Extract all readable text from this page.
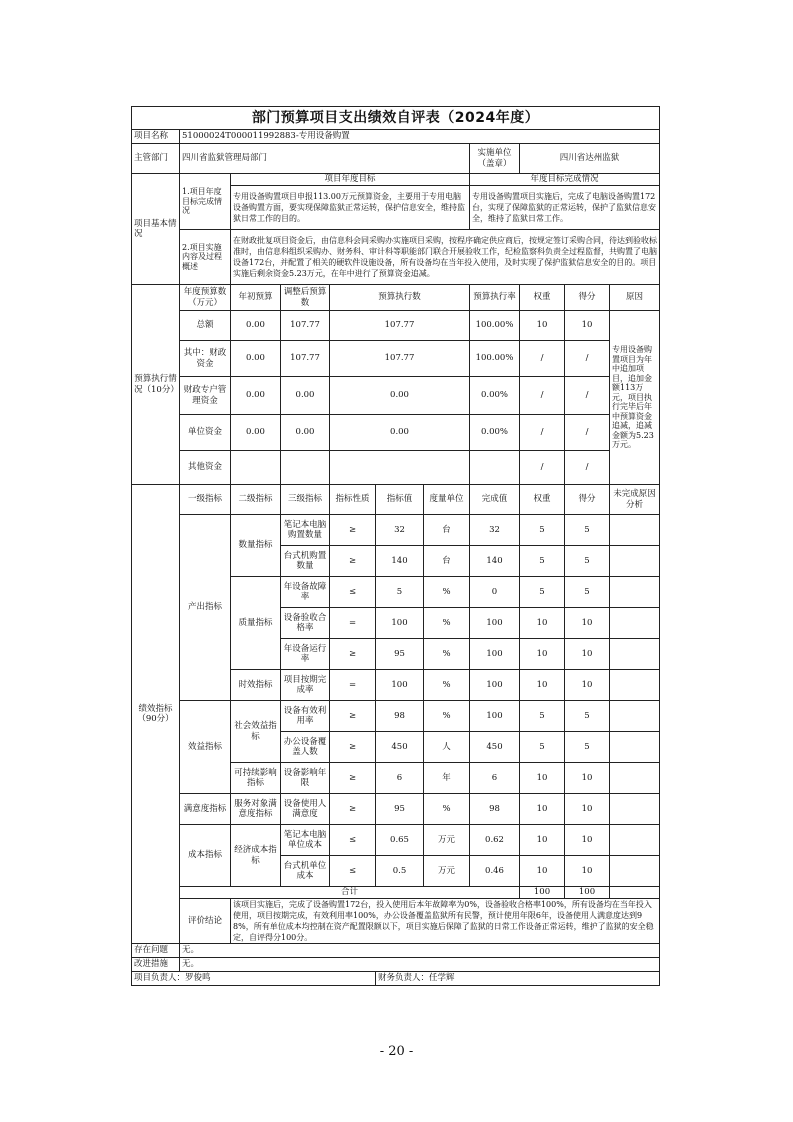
部门预算项目支出绩效自评表（2024年度）										
项目名称	51000024T000011992883-专用设备购置									
主管部门	四川省监狱管理局部门						实施单位（盖章）	四川省达州监狱		
项目基本情况	1.项目年度目标完成情况	项目年度目标					年度目标完成情况			
		专用设备购置项目申报113.00万元预算资金，主要用于专用电脑设备购置方面，要实现保障监狱正常运转，保护信息安全，维持监狱日常工作的目的。					专用设备购置项目实施后，完成了电脑设备购置172台，实现了保障监狱的正常运转，保护了监狱信息安全，维持了监狱日常工作。			
	2.项目实施内容及过程概述	在财政批复项目资金后，由信息科会同采购办实施项目采购，按程序确定供应商后，按规定签订采购合同，待达到验收标准时，由信息科组织采购办、财务科、审计科等职能部门联合开展验收工作，纪检监察科负责全过程监督，共购置了电脑设备172台，并配置了相关的硬软件设施设备，所有设备均在当年投入使用，及时实现了保护监狱信息安全的目的。项目实施后剩余资金5.23万元，在年中进行了预算资金追减。								
预算执行情况（10分）	年度预算数（万元）	年初预算	调整后预算数	预算执行数			预算执行率	权重	得分	原因
	总额	0.00	107.77	107.77			100.00%	10	10	专用设备购置项目为年中追加项目，追加金额113万元，项目执行完毕后年中预算资金追减，追减金额为5.23万元。
	其中：财政资金	0.00	107.77	107.77			100.00%	/	/	
	财政专户管理资金	0.00	0.00	0.00			0.00%	/	/	
	单位资金	0.00	0.00	0.00			0.00%	/	/	
	其他资金							/	/	
绩效指标（90分）	一级指标	二级指标	三级指标	指标性质	指标值	度量单位	完成值	权重	得分	未完成原因分析
	产出指标	数量指标	笔记本电脑购置数量	≥	32	台	32	5	5	
			台式机购置数量	≥	140	台	140	5	5	
		质量指标	年设备故障率	≤	5	%	0	5	5	
			设备验收合格率	=	100	%	100	10	10	
			年设备运行率	≥	95	%	100	10	10	
		时效指标	项目按期完成率	=	100	%	100	10	10	
	效益指标	社会效益指标	设备有效利用率	≥	98	%	100	5	5	
			办公设备覆盖人数	≥	450	人	450	5	5	
		可持续影响指标	设备影响年限	≥	6	年	6	10	10	
	满意度指标	服务对象满意度指标	设备使用人满意度	≥	95	%	98	10	10	
	成本指标	经济成本指标	笔记本电脑单位成本	≤	0.65	万元	0.62	10	10	
			台式机单位成本	≤	0.5	万元	0.46	10	10	
	合计							100	100	
	评价结论	该项目实施后，完成了设备购置172台，投入使用后本年故障率为0%，设备验收合格率100%，所有设备均在当年投入使用，项目按期完成，有效利用率100%，办公设备覆盖监狱所有民警，预计使用年限6年，设备使用人满意度达到98%，所有单位成本均控制在资产配置限额以下，项目实施后保障了监狱的日常工作设备正常运转，维护了监狱的安全稳定，自评得分100分。								
存在问题	无。									
改进措施	无。									
项目负责人：罗俊鸣					财务负责人：任学辉					
- 20 -
